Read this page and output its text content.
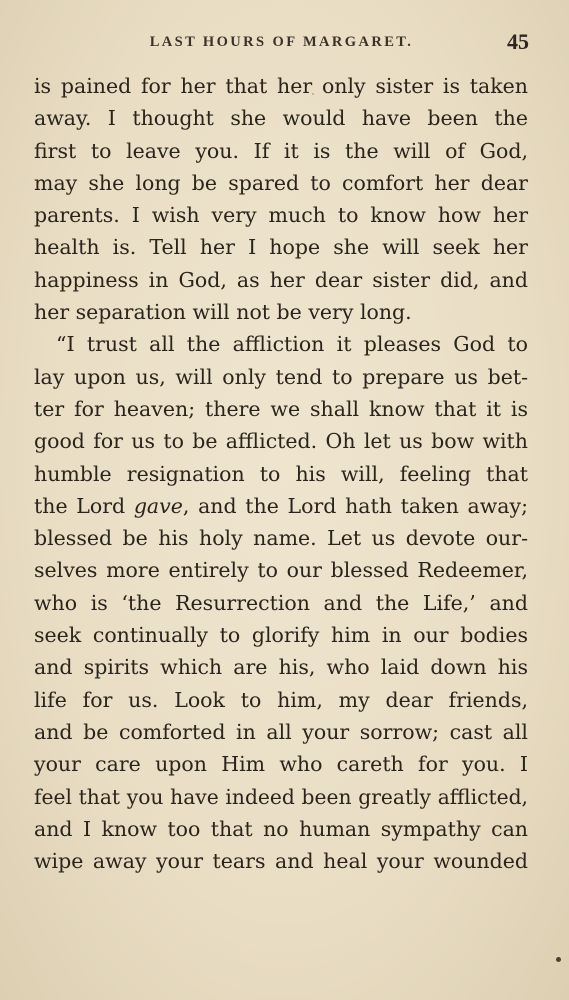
LAST HOURS OF MARGARET.	45
is pained for her that her only sister is taken
away. I thought she would have been the
first to leave you. If it is the will of God,
may she long be spared to comfort her dear
parents. I wish very much to know how her
health is. Tell her I hope she will seek her
happiness in God, as her dear sister did, and
her separation will not be very long.
“I trust all the affliction it pleases God to
lay upon us, will only tend to prepare us bet-
ter for heaven; there we shall know that it is
good for us to be afflicted. Oh let us bow with
humble resignation to his will, feeling that
the Lord gave, and the Lord hath taken away;
blessed be his holy name. Let us devote our-
selves more entirely to our blessed Redeemer,
who is ‘the Resurrection and the Life,’ and
seek continually to glorify him in our bodies
and spirits which are his, who laid down his
life for us. Look to him, my dear friends,
and be comforted in all your sorrow; cast all
your care upon Him who careth for you. I
feel that you have indeed been greatly afflicted,
and I know too that no human sympathy can
wipe away your tears and heal your wounded
